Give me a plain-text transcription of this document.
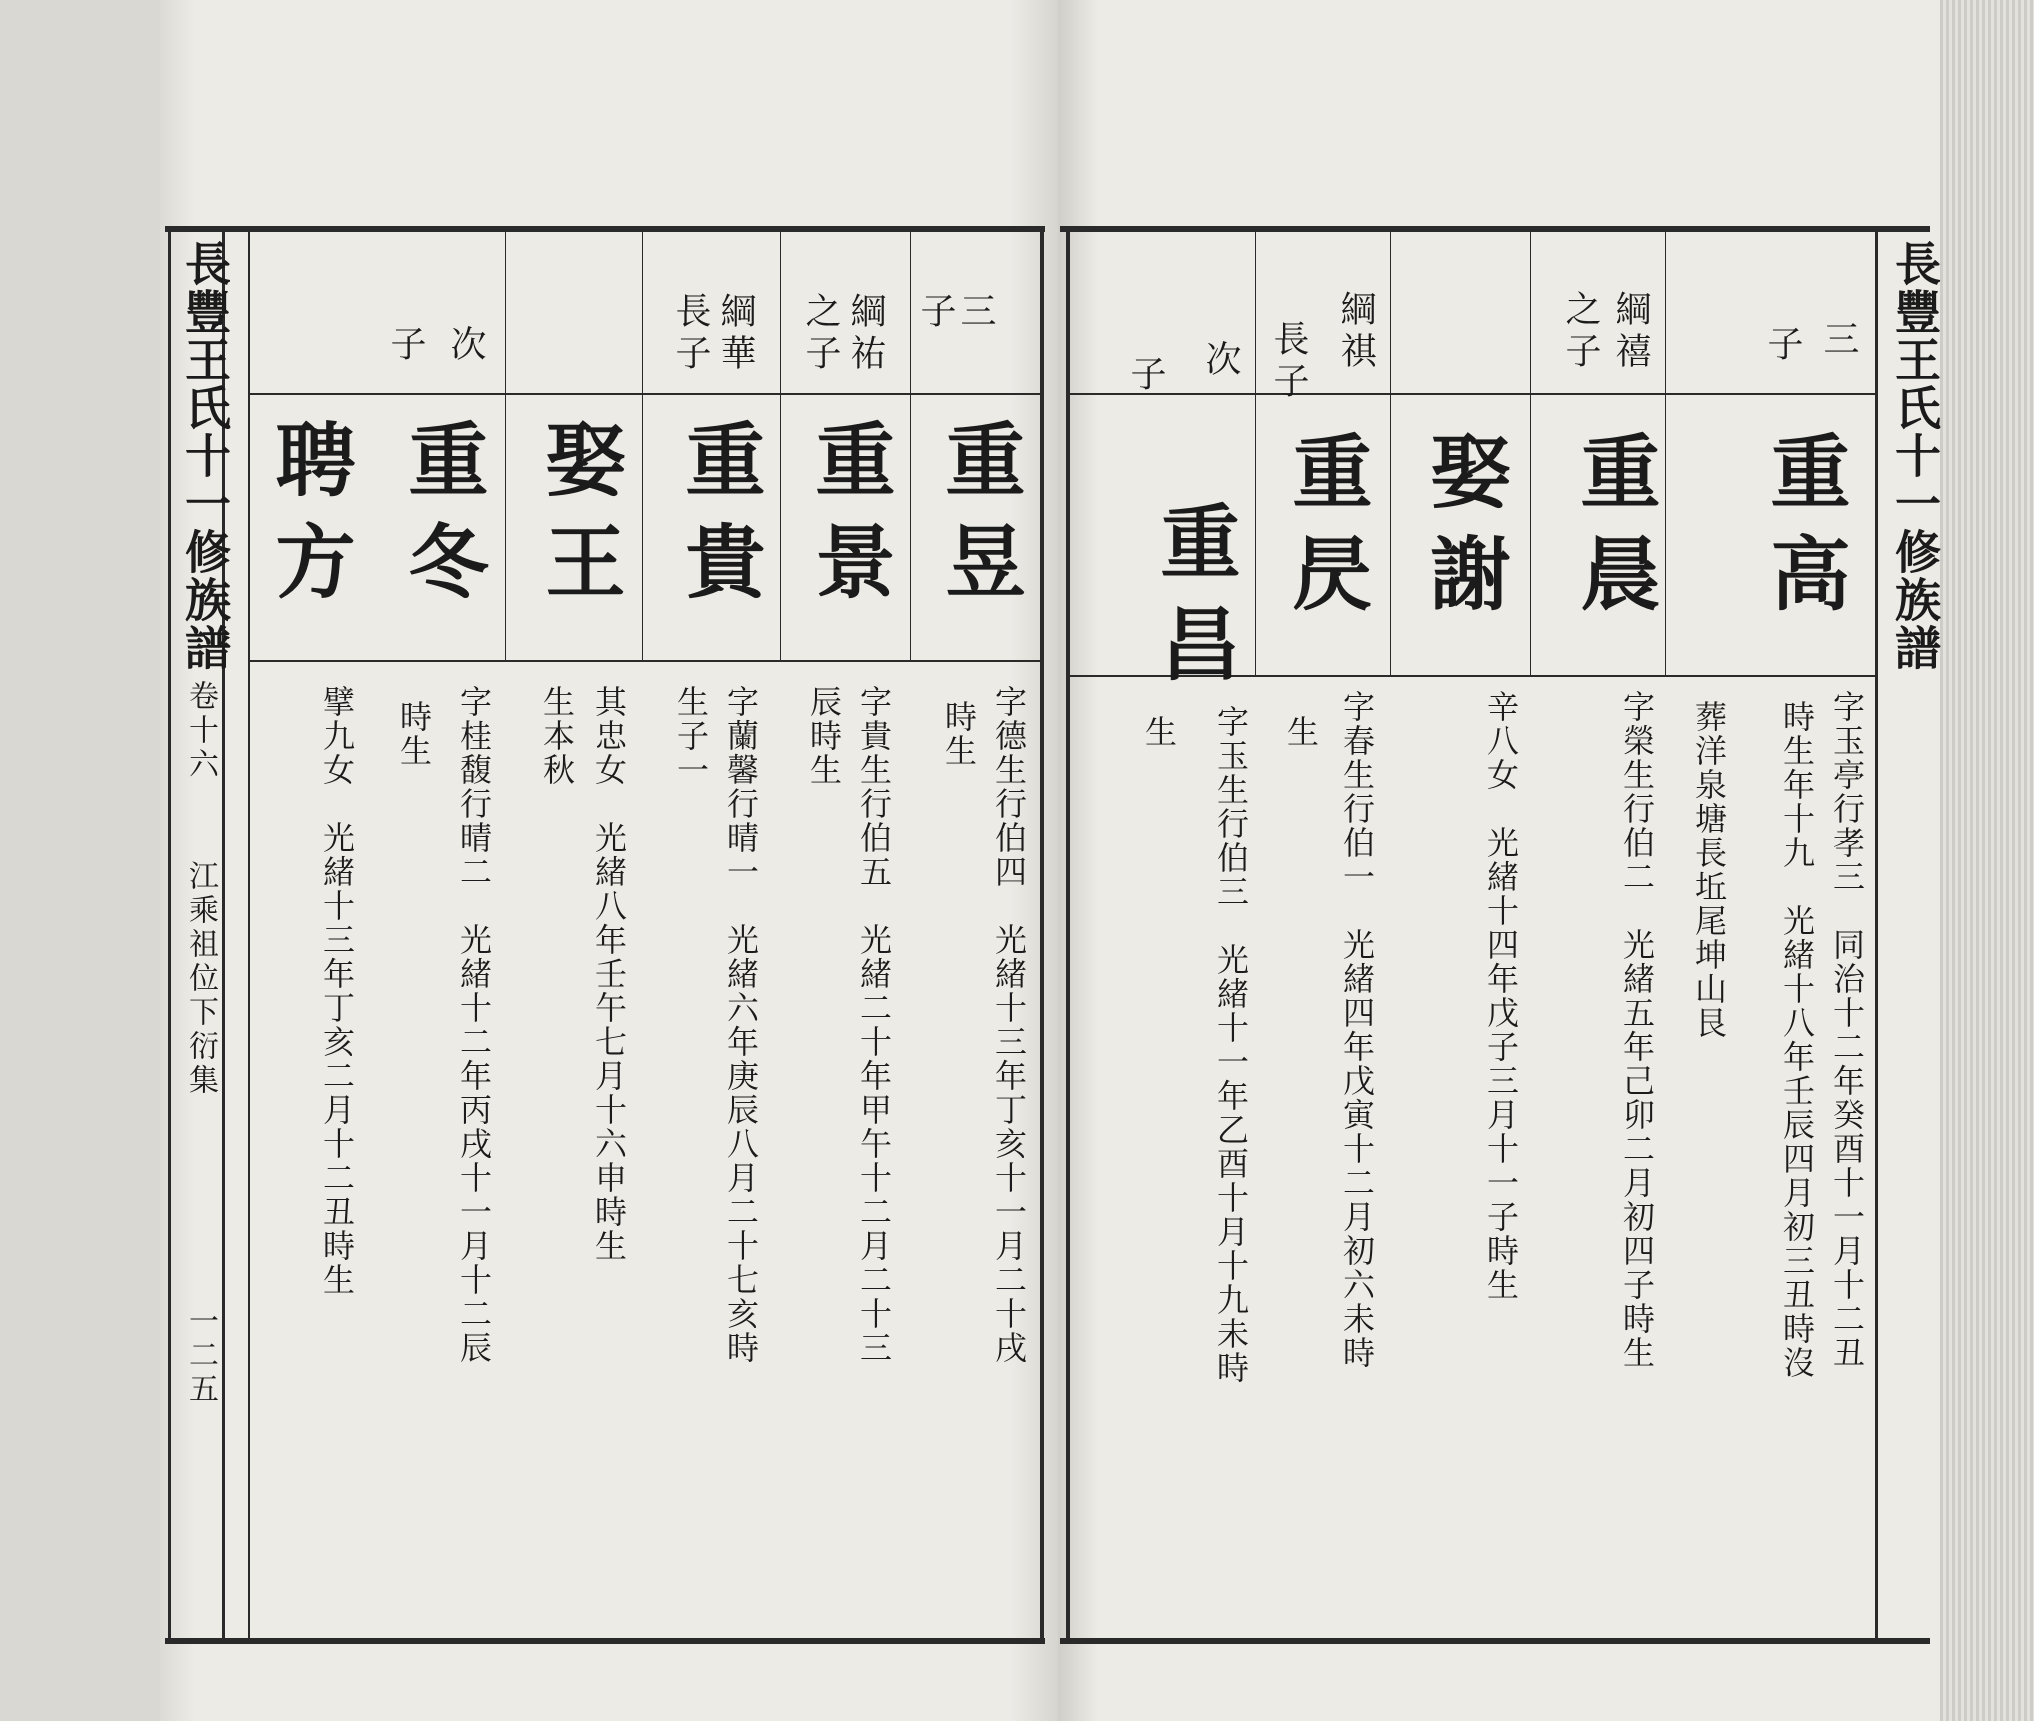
長豐王氏十一修族譜
卷十六
江乘祖位下衍集
一二五
三
子
重昱
字德生行伯四　光緒十三年丁亥十一月二十戌
時生
綱祐
之子
重景
字貴生行伯五　光緒二十年甲午十二月二十三
辰時生
綱華
長子
重貴
字蘭馨行晴一　光緒六年庚辰八月二十七亥時
生子一
娶王
其忠女　光緒八年壬午七月十六申時生
生本秋
次
子
重冬
字桂馥行晴二　光緒十二年丙戌十一月十二辰
時生
聘方
擘九女　光緒十三年丁亥二月十二丑時生
長豐王氏十一修族譜
三
子
重高
字玉亭行孝三　同治十二年癸酉十一月十二丑
時生年十九　光緒十八年壬辰四月初三丑時沒
葬洋泉塘長坵尾坤山艮
綱禧
之子
重晨
字榮生行伯二　光緒五年己卯二月初四子時生
娶謝
辛八女　光緒十四年戊子三月十一子時生
綱祺
長子
重昃
字春生行伯一　光緒四年戊寅十二月初六未時
生
次
子
重昌
字玉生行伯三　光緒十一年乙酉十月十九未時
生
